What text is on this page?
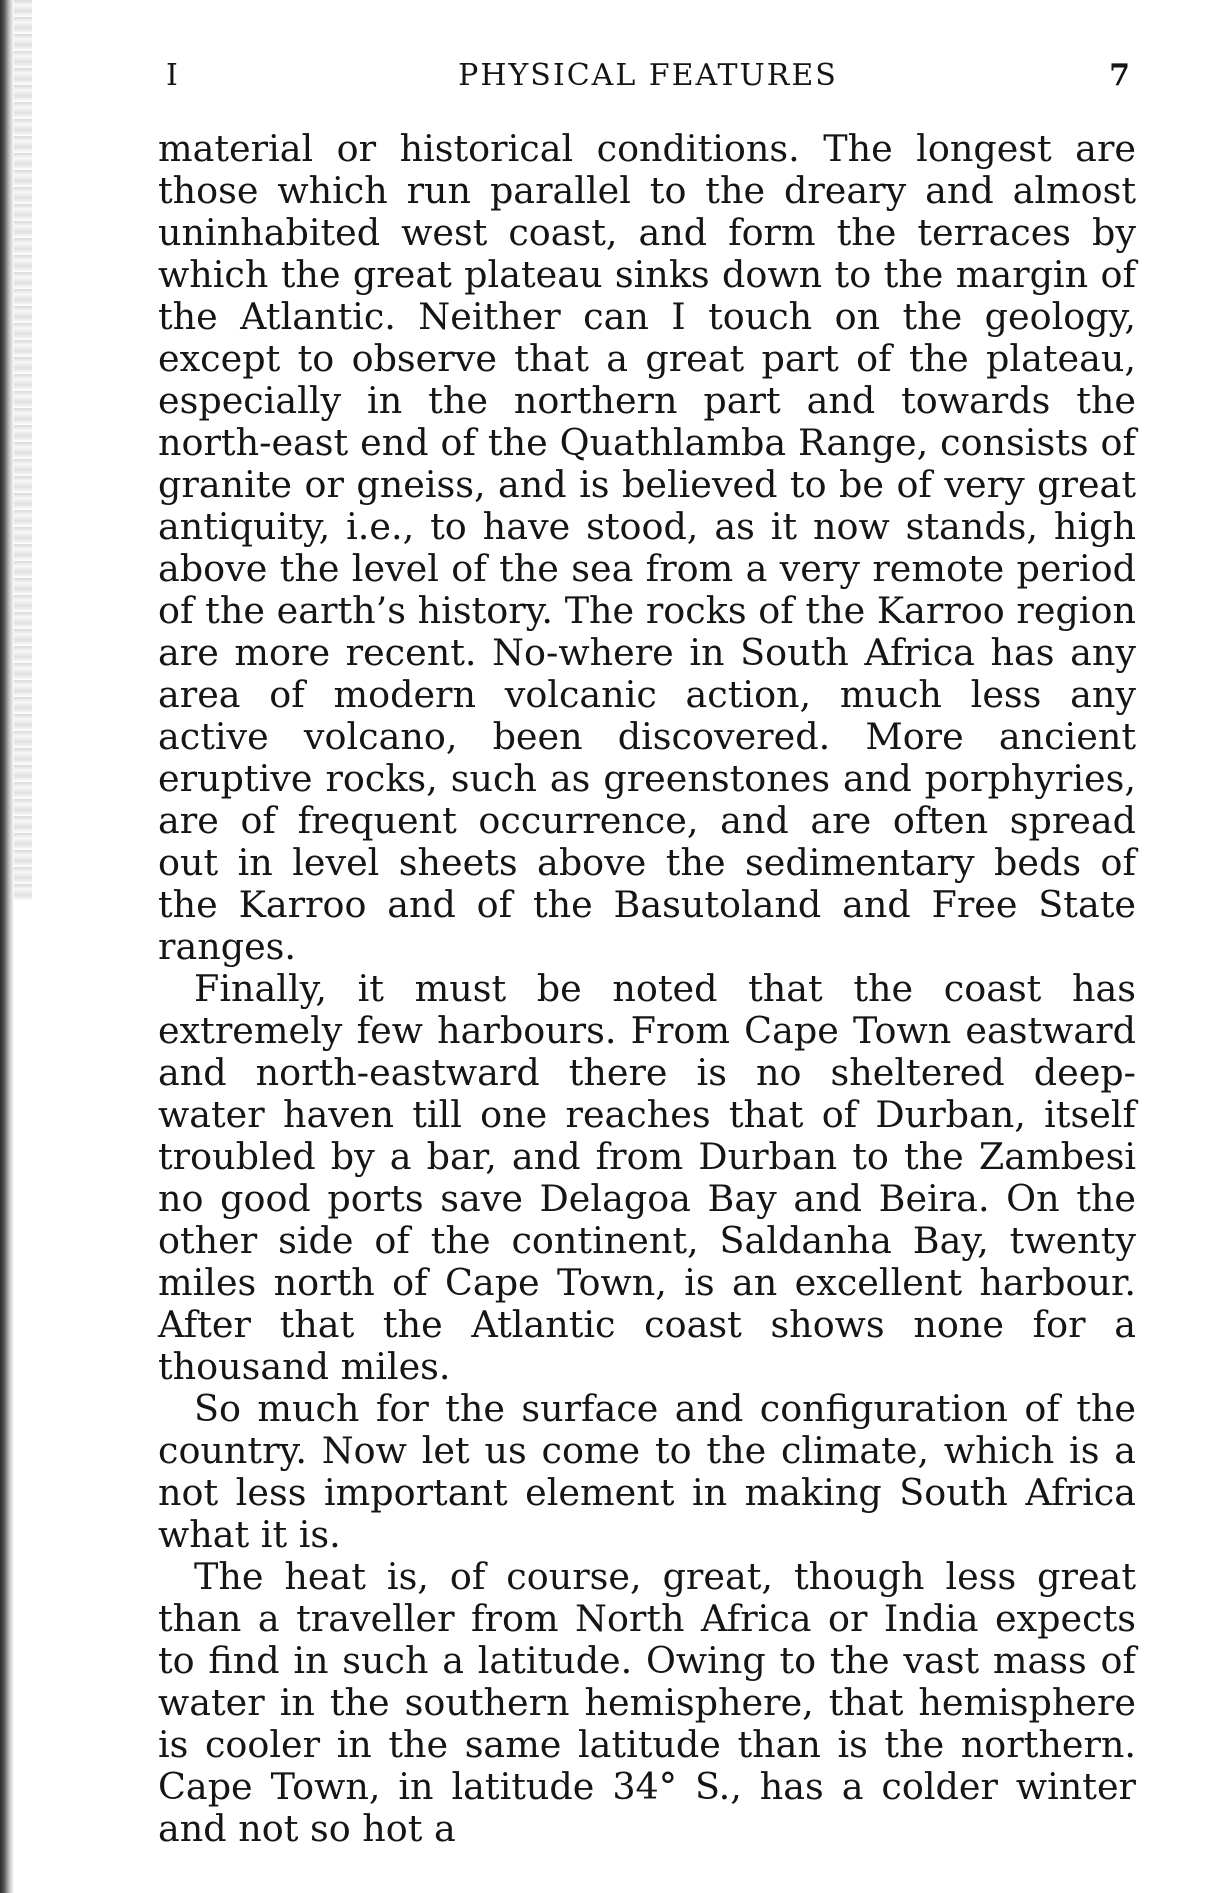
I	PHYSICAL FEATURES	7

material or historical conditions. The longest are those which run parallel to the dreary and almost uninhabited west coast, and form the terraces by which the great plateau sinks down to the margin of the Atlantic. Neither can I touch on the geology, except to observe that a great part of the plateau, especially in the northern part and towards the north-east end of the Quathlamba Range, consists of granite or gneiss, and is believed to be of very great antiquity, i.e., to have stood, as it now stands, high above the level of the sea from a very remote period of the earth’s history. The rocks of the Karroo region are more recent. No-where in South Africa has any area of modern volcanic action, much less any active volcano, been discovered. More ancient eruptive rocks, such as greenstones and porphyries, are of frequent occurrence, and are often spread out in level sheets above the sedimentary beds of the Karroo and of the Basutoland and Free State ranges.

Finally, it must be noted that the coast has extremely few harbours. From Cape Town eastward and north-eastward there is no sheltered deep-water haven till one reaches that of Durban, itself troubled by a bar, and from Durban to the Zambesi no good ports save Delagoa Bay and Beira. On the other side of the continent, Saldanha Bay, twenty miles north of Cape Town, is an excellent harbour. After that the Atlantic coast shows none for a thousand miles.

So much for the surface and configuration of the country. Now let us come to the climate, which is a not less important element in making South Africa what it is.

The heat is, of course, great, though less great than a traveller from North Africa or India expects to find in such a latitude. Owing to the vast mass of water in the southern hemisphere, that hemisphere is cooler in the same latitude than is the northern. Cape Town, in latitude 34° S., has a colder winter and not so hot a
